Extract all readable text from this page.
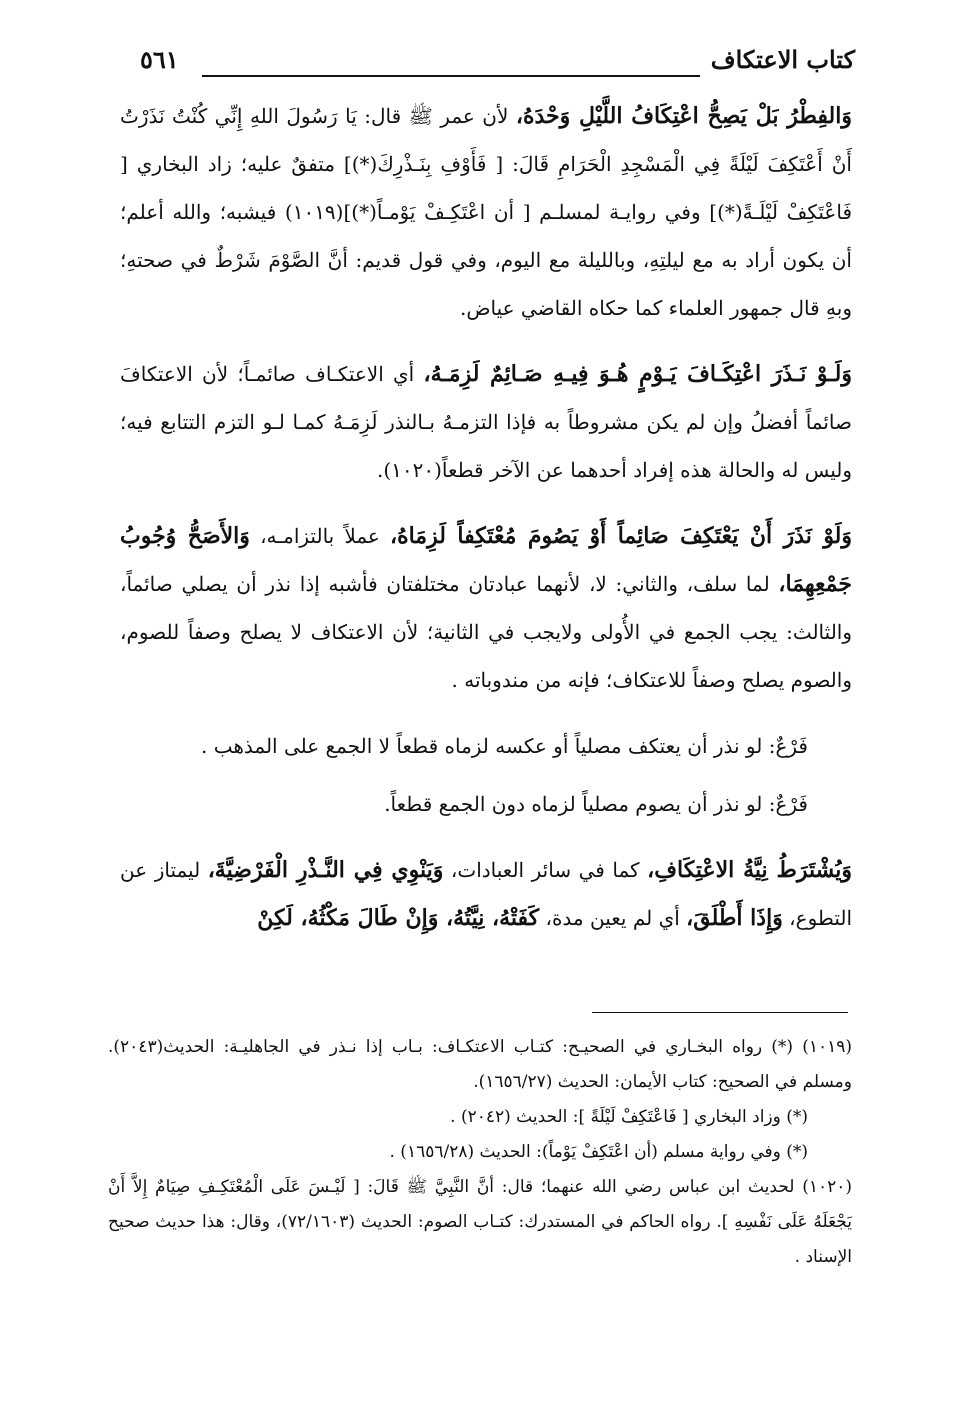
كتاب الاعتكاف
٥٦١

وَالفِطْرُ بَلْ يَصِحُّ اعْتِكَافُ اللَّيْلِ وَحْدَهُ، لأن عمر ﷺ قال: يَا رَسُولَ اللهِ إِنِّي كُنْتُ نَذَرْتُ أَنْ أَعْتَكِفَ لَيْلَةً فِي الْمَسْجِدِ الْحَرَامِ قَالَ: [ فَأَوْفِ بِنَـذْرِكَ(*)] متفقٌ عليه؛ زاد البخاري [ فَاعْتَكِفْ لَيْلَـةً(*)] وفي روايـة لمسلـم [ أن اعْتَكِـفْ يَوْمـاً(*)](١٠١٩) فيشبه؛ والله أعلم؛ أن يكون أراد به مع ليلتِهِ، وبالليلة مع اليوم، وفي قول قديم: أنَّ الصَّوْمَ شَرْطٌ في صحتهِ؛ وبهِ قال جمهور العلماء كما حكاه القاضي عياض.

وَلَـوْ نَـذَرَ اعْتِكَـافَ يَـوْمٍ هُـوَ فِيـهِ صَـائِمٌ لَزِمَـهُ، أي الاعتكـاف صائمـاً؛ لأن الاعتكافَ صائماً أفضلُ وإن لم يكن مشروطاً به فإذا التزمـهُ بـالنذر لَزِمَـهُ كمـا لـو التزم التتابع فيه؛ وليس له والحالة هذه إفراد أحدهما عن الآخر قطعاً(١٠٢٠).

وَلَوْ نَذَرَ أَنْ يَعْتَكِفَ صَائِماً أَوْ يَصُومَ مُعْتَكِفاً لَزِمَاهُ، عملاً بالتزامـه، وَالأَصَحُّ وُجُوبُ جَمْعِهِمَا، لما سلف، والثاني: لا، لأنهما عبادتان مختلفتان فأشبه إذا نذر أن يصلي صائماً، والثالث: يجب الجمع في الأُولى ولايجب في الثانية؛ لأن الاعتكاف لا يصلح وصفاً للصوم، والصوم يصلح وصفاً للاعتكاف؛ فإنه من مندوباته .

فَرْعٌ: لو نذر أن يعتكف مصلياً أو عكسه لزماه قطعاً لا الجمع على المذهب .

فَرْعٌ: لو نذر أن يصوم مصلياً لزماه دون الجمع قطعاً.

وَيُشْتَرَطُ نِيَّةُ الاعْتِكَافِ، كما في سائر العبادات، وَيَنْوِي فِي النَّـذْرِ الْفَرْضِيَّةَ، ليمتاز عن التطوع، وَإِذَا أَطْلَقَ، أي لم يعين مدة، كَفَتْهُ، نِيَّتُهُ، وَإِنْ طَالَ مَكْثُهُ، لَكِنْ

(١٠١٩) (*) رواه البخـاري في الصحيـح: كتـاب الاعتكـاف: بـاب إذا نـذر في الجاهليـة: الحديث(٢٠٤٣). ومسلم في الصحيح: كتاب الأيمان: الحديث (١٦٥٦/٢٧).

(*) وزاد البخاري [ فَاعْتَكِفْ لَيْلَةً ]: الحديث (٢٠٤٢) .

(*) وفي رواية مسلم (أن اعْتَكِفْ يَوْماً): الحديث (١٦٥٦/٢٨) .

(١٠٢٠) لحديث ابن عباس رضي الله عنهما؛ قال: أنَّ النَّبِيَّ ﷺ قَالَ: [ لَيْـسَ عَلَى الْمُعْتَكِـفِ صِيَامٌ إِلاَّ أَنْ يَجْعَلَهُ عَلَى نَفْسِهِ ]. رواه الحاكم في المستدرك: كتـاب الصوم: الحديث (٧٢/١٦٠٣)، وقال: هذا حديث صحيح الإسناد .
